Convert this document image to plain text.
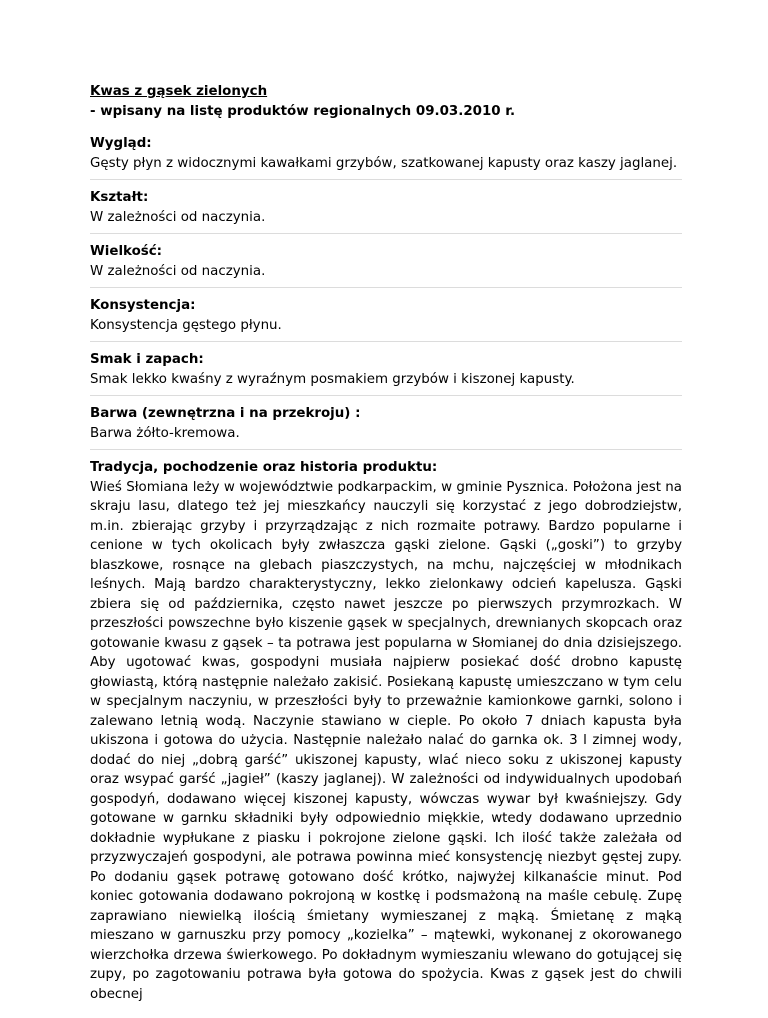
Kwas z gąsek zielonych
- wpisany na listę produktów regionalnych 09.03.2010 r.

Wygląd:

Gęsty płyn z widocznymi kawałkami grzybów, szatkowanej kapusty oraz kaszy jaglanej.

Kształt:

W zależności od naczynia.

Wielkość:

W zależności od naczynia.

Konsystencja:

Konsystencja gęstego płynu.

Smak i zapach:

Smak lekko kwaśny z wyraźnym posmakiem grzybów i kiszonej kapusty.

Barwa (zewnętrzna i na przekroju) :

Barwa żółto-kremowa.

Tradycja, pochodzenie oraz historia produktu:

Wieś Słomiana leży w województwie podkarpackim, w gminie Pysznica. Położona jest na skraju lasu, dlatego też jej mieszkańcy nauczyli się korzystać z jego dobrodziejstw, m.in. zbierając grzyby i przyrządzając z nich rozmaite potrawy. Bardzo popularne i cenione w tych okolicach były zwłaszcza gąski zielone. Gąski („goski”) to grzyby blaszkowe, rosnące na glebach piaszczystych, na mchu, najczęściej w młodnikach leśnych. Mają bardzo charakterystyczny, lekko zielonkawy odcień kapelusza. Gąski zbiera się od października, często nawet jeszcze po pierwszych przymrozkach. W przeszłości powszechne było kiszenie gąsek w specjalnych, drewnianych skopcach oraz gotowanie kwasu z gąsek – ta potrawa jest popularna w Słomianej do dnia dzisiejszego. Aby ugotować kwas, gospodyni musiała najpierw posiekać dość drobno kapustę głowiastą, którą następnie należało zakisić. Posiekaną kapustę umieszczano w tym celu w specjalnym naczyniu, w przeszłości były to przeważnie kamionkowe garnki, solono i zalewano letnią wodą. Naczynie stawiano w cieple. Po około 7 dniach kapusta była ukiszona i gotowa do użycia. Następnie należało nalać do garnka ok. 3 l zimnej wody, dodać do niej „dobrą garść” ukiszonej kapusty, wlać nieco soku z ukiszonej kapusty oraz wsypać garść „jagieł” (kaszy jaglanej). W zależności od indywidualnych upodobań gospodyń, dodawano więcej kiszonej kapusty, wówczas wywar był kwaśniejszy. Gdy gotowane w garnku składniki były odpowiednio miękkie, wtedy dodawano uprzednio dokładnie wypłukane z piasku i pokrojone zielone gąski. Ich ilość także zależała od przyzwyczajeń gospodyni, ale potrawa powinna mieć konsystencję niezbyt gęstej zupy. Po dodaniu gąsek potrawę gotowano dość krótko, najwyżej kilkanaście minut. Pod koniec gotowania dodawano pokrojoną w kostkę i podsmażoną na maśle cebulę. Zupę zaprawiano niewielką ilością śmietany wymieszanej z mąką. Śmietanę z mąką mieszano w garnuszku przy pomocy „kozielka” – mątewki, wykonanej z okorowanego wierzchołka drzewa świerkowego. Po dokładnym wymieszaniu wlewano do gotującej się zupy, po zagotowaniu potrawa była gotowa do spożycia. Kwas z gąsek jest do chwili obecnej
